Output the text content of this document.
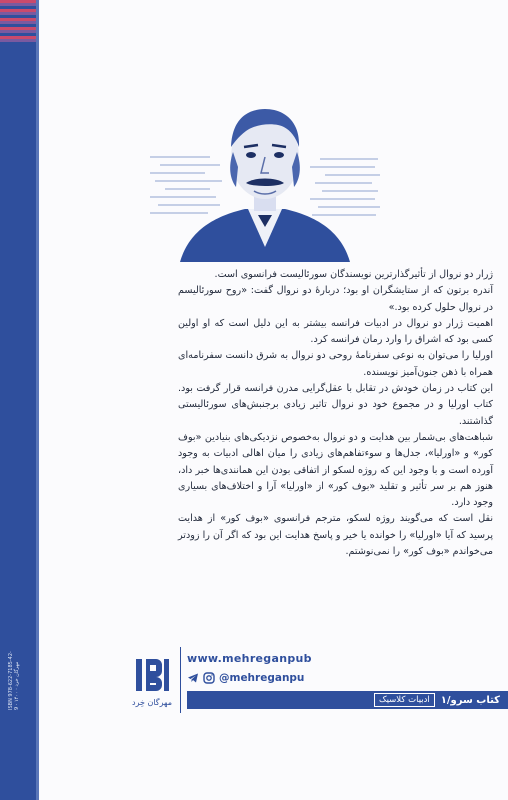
ISBN 978-622-7185-42-9 · مهرگان خرد · ۱۴۰۰

ژرار دو نروال از تأثیرگذارترین نویسندگان سورئالیست فرانسوی است.

آندره برتون که از ستایشگران او بود؛ درباره‌ٔ دو نروال گفت: «روح سورئالیسم در نروال حلول کرده بود.»

اهمیت ژرار دو نروال در ادبیات فرانسه بیشتر به این دلیل است که او اولین کسی بود که اشراق را وارد رمان فرانسه کرد.

اورلیا را می‌توان به نوعی سفرنامهٔ روحی دو نروال به شرق دانست سفرنامه‌ای همراه با ذهن جنون‌آمیز نویسنده.

این کتاب در زمان خودش در تقابل با عقل‌گرایی مدرن فرانسه قرار گرفت بود. کتاب اورلیا و در مجموع خود دو نروال تاثیر زیادی برجنبش‌های سورئالیستی گذاشتند.

شباهت‌های بی‌شمار بین هدایت و دو نروال به‌خصوص نزدیکی‌های بنیادین «بوف کور» و «اورلیا»، جدل‌ها و سوءتفاهم‌های زیادی را میان اهالی ادبیات به وجود آورده است و با وجود این که روژه لسکو از اتفاقی بودن این همانندی‌ها خبر داد، هنوز هم بر سر تأثیر و تقلید «بوف کور» از «اورلیا» آرا و اختلاف‌های بسیاری وجود دارد.

نقل است که می‌گویند روژه لسکو، مترجم فرانسوی «بوف کور» از هدایت پرسید که آیا «اورلیا» را خوانده یا خیر و پاسخ هدایت این بود که اگر آن را زودتر می‌خواندم «بوف کور» را نمی‌نوشتم.

مهرگان خِرد
www.mehreganpub
@mehreganpu
کتاب سرو/۱
ادبیات کلاسیک
